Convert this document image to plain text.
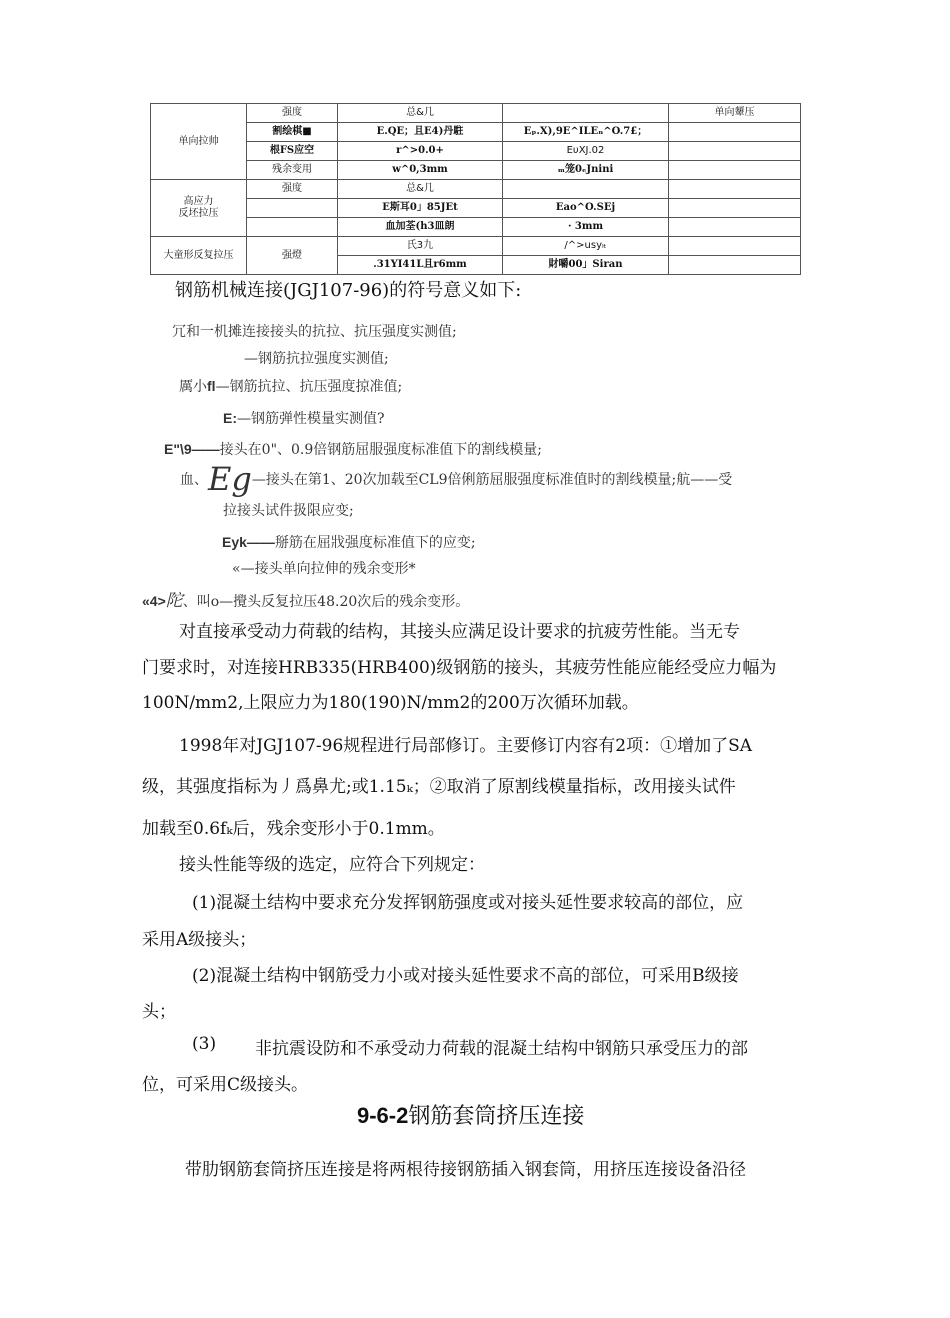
单向拉帅	强度	总&几		单向顰压
	割绘棋■	E.QE；且E4)丹駐	Eₚ.X),9E^ILEₙ^O.7£；	
	根FS应空	r^>0.0+	EυXJ.02	
	残余变用	w^0,3mm	ₘ笼0ₑJnini	

高应力
反坯拉压	强度	总&几		
		E斯耳0」85JEt	Eao^O.SEj	
		血加荃(h3皿朗	· 3mm	
大童形反复拉压	强燈	氏3九	/^>usyₗₜ	
		.31YI41L且r6mm	財嚼00」Siran	
钢筋机械连接(JGJ107-96)的符号意义如下:
冗和一机摊连接接头的抗拉、抗压强度实测值;
—钢筋抗拉强度实测值;
厲小fl—钢筋抗拉、抗压强度掠准值;
E:—钢筋弹性模量实测值?
E"\9——接头在0"、0.9倍钢筋屈服强度标准值下的割线模量;
血、Eg—接头在第1、20次加载至CL9倍俐筋屈服强度标准值时的割线模量;航——受
拉接头试件扱限应变;
Eyk——掰筋在屈戕强度标准值下的应变;
«—接头单向拉伸的残余变形*
«4>陀、叫o—攪头反复拉压48.20次后的残余变形。
对直接承受动力荷载的结构，其接头应满足设计要求的抗疲劳性能。当无专
门要求时，对连接HRB335(HRB400)级钢筋的接头，其疲劳性能应能经受应力幅为
100N/mm2,上限应力为180(190)N/mm2的200万次循环加载。
1998年对JGJ107-96规程进行局部修订。主要修订内容有2项：①增加了SA
级，其强度指标为丿爲鼻尤;或1.15ₖ；②取消了原割线模量指标，改用接头试件
加载至0.6fₖ后，残余变形小于0.1mm。
接头性能等级的选定，应符合下列规定：
(1)混凝土结构中要求充分发挥钢筋强度或对接头延性要求较高的部位，应
采用A级接头；
(2)混凝土结构中钢筋受力小或对接头延性要求不高的部位，可采用B级接
头；
(3) 非抗震设防和不承受动力荷载的混凝土结构中钢筋只承受压力的部
位，可采用C级接头。
9-6-2钢筋套筒挤压连接
带肋钢筋套筒挤压连接是将两根待接钢筋插入钢套筒，用挤压连接设备沿径
